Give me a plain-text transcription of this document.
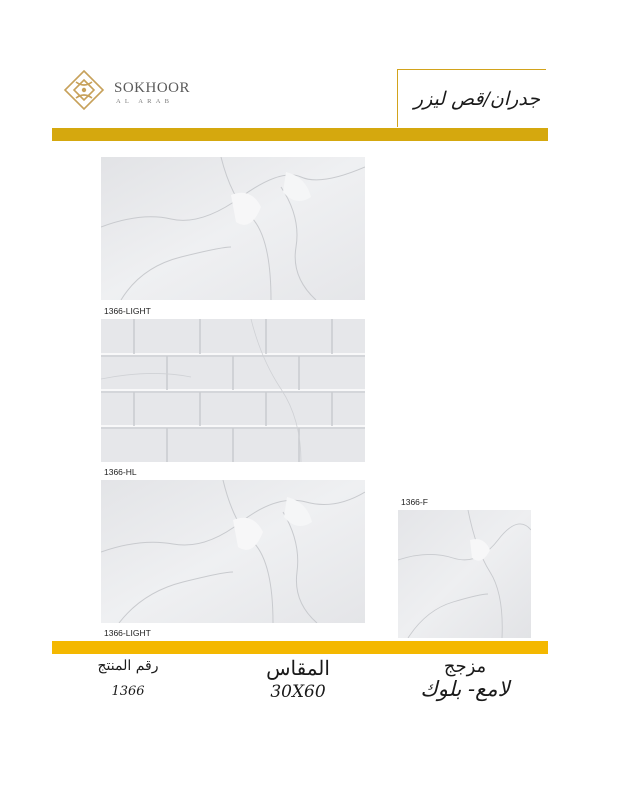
SOKHOOR
AL ARAB	جدران/قص ليزر
1366-LIGHT
1366-HL
1366-LIGHT
1366-F
رقم المنتج
1366
المقاس
30X60
مزجج
لامع- بلوك
